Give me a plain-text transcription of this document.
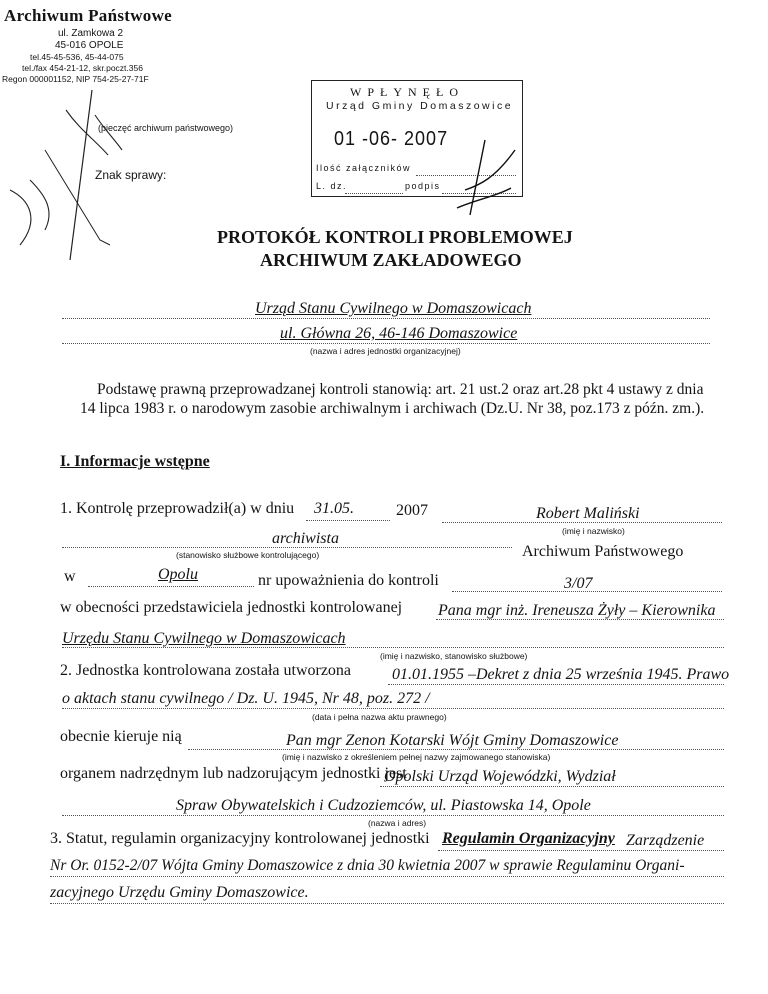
Archiwum Państwowe
ul. Zamkowa 2
45-016 OPOLE
tel.45-45-536, 45-44-075
tel./fax 454-21-12, skr.poczt.356
Regon 000001152, NIP 754-25-27-71F
(pieczęć archiwum państwowego)
Znak sprawy:
WPŁYNĘŁO
Urząd Gminy Domaszowice
01 -06- 2007
Ilość załączników
L. dz.	podpis
PROTOKÓŁ KONTROLI PROBLEMOWEJ
ARCHIWUM ZAKŁADOWEGO
Urząd Stanu Cywilnego w Domaszowicach
ul. Główna 26, 46-146 Domaszowice
(nazwa i adres jednostki organizacyjnej)
Podstawę prawną przeprowadzanej kontroli stanowią: art. 21 ust.2 oraz art.28 pkt 4 ustawy z dnia
14 lipca 1983 r. o narodowym zasobie archiwalnym i archiwach (Dz.U. Nr 38, poz.173 z późn. zm.).
I. Informacje wstępne
1. Kontrolę przeprowadził(a) w dniu 31.05.	2007	Robert Maliński
(imię i nazwisko)
archiwista
(stanowisko służbowe kontrolującego)	Archiwum Państwowego
w	Opolu	nr upoważnienia do kontroli	3/07
w obecności przedstawiciela jednostki kontrolowanej Pana mgr inż. Ireneusza Żyły – Kierownika
Urzędu Stanu Cywilnego w Domaszowicach
(imię i nazwisko, stanowisko służbowe)
2. Jednostka kontrolowana została utworzona	01.01.1955 –Dekret z dnia 25 września 1945. Prawo
o aktach stanu cywilnego / Dz. U. 1945, Nr 48, poz. 272 /
(data i pełna nazwa aktu prawnego)
obecnie kieruje nią	Pan mgr Zenon Kotarski Wójt Gminy Domaszowice
(imię i nazwisko z określeniem pełnej nazwy zajmowanego stanowiska)
organem nadrzędnym lub nadzorującym jednostki jest
Opolski Urząd Wojewódzki, Wydział
Spraw Obywatelskich i Cudzoziemców, ul. Piastowska 14, Opole
(nazwa i adres)
3. Statut, regulamin organizacyjny kontrolowanej jednostki Regulamin Organizacyjny Zarządzenie
Nr Or. 0152-2/07 Wójta Gminy Domaszowice z dnia 30 kwietnia 2007 w sprawie Regulaminu Organi-
zacyjnego Urzędu Gminy Domaszowice.
